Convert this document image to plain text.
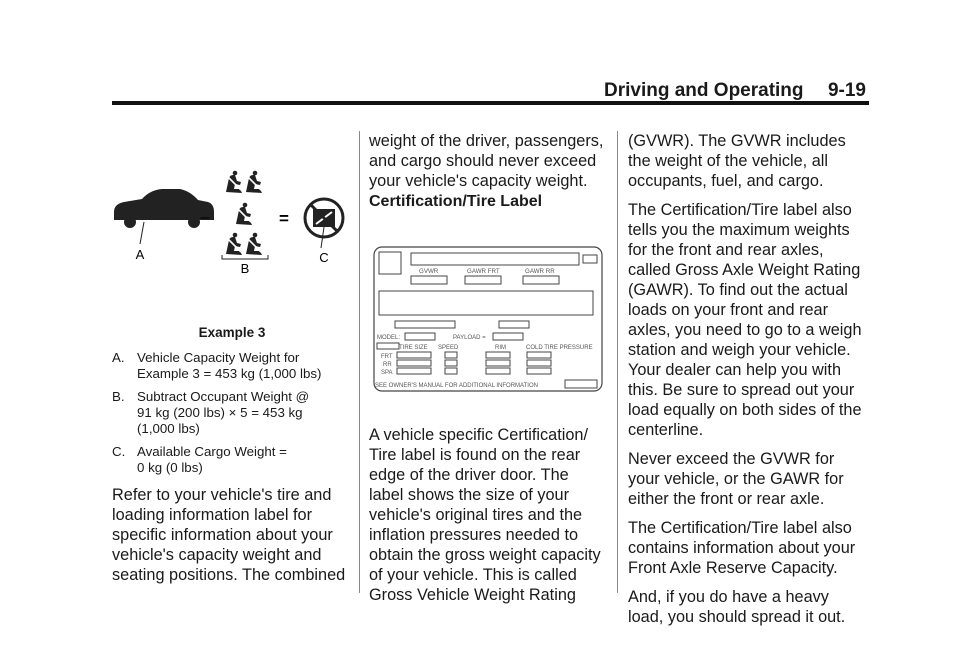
Driving and Operating 9-19
A
–
B
=
C
Example 3
A. Vehicle Capacity Weight for
Example 3 = 453 kg (1,000 lbs)
B. Subtract Occupant Weight @
91 kg (200 lbs) × 5 = 453 kg
(1,000 lbs)
C. Available Cargo Weight =
0 kg (0 lbs)

Refer to your vehicle's tire and

loading information label for

specific information about your

vehicle's capacity weight and

seating positions. The combined

weight of the driver, passengers,

and cargo should never exceed

your vehicle's capacity weight.

Certification/Tire Label
GVWR	GAWR FRT	GAWR RR
MODEL:	PAYLOAD =
TIRE SIZE SPEED	RIM	COLD TIRE PRESSURE
FRT
RR
SPA
SEE OWNER'S MANUAL FOR ADDITIONAL INFORMATION

A vehicle specific Certification/

Tire label is found on the rear

edge of the driver door. The

label shows the size of your

vehicle's original tires and the

inflation pressures needed to

obtain the gross weight capacity

of your vehicle. This is called

Gross Vehicle Weight Rating

(GVWR). The GVWR includes

the weight of the vehicle, all

occupants, fuel, and cargo.

The Certification/Tire label also

tells you the maximum weights

for the front and rear axles,

called Gross Axle Weight Rating

(GAWR). To find out the actual

loads on your front and rear

axles, you need to go to a weigh

station and weigh your vehicle.

Your dealer can help you with

this. Be sure to spread out your

load equally on both sides of the

centerline.

Never exceed the GVWR for

your vehicle, or the GAWR for

either the front or rear axle.

The Certification/Tire label also

contains information about your

Front Axle Reserve Capacity.

And, if you do have a heavy

load, you should spread it out.
